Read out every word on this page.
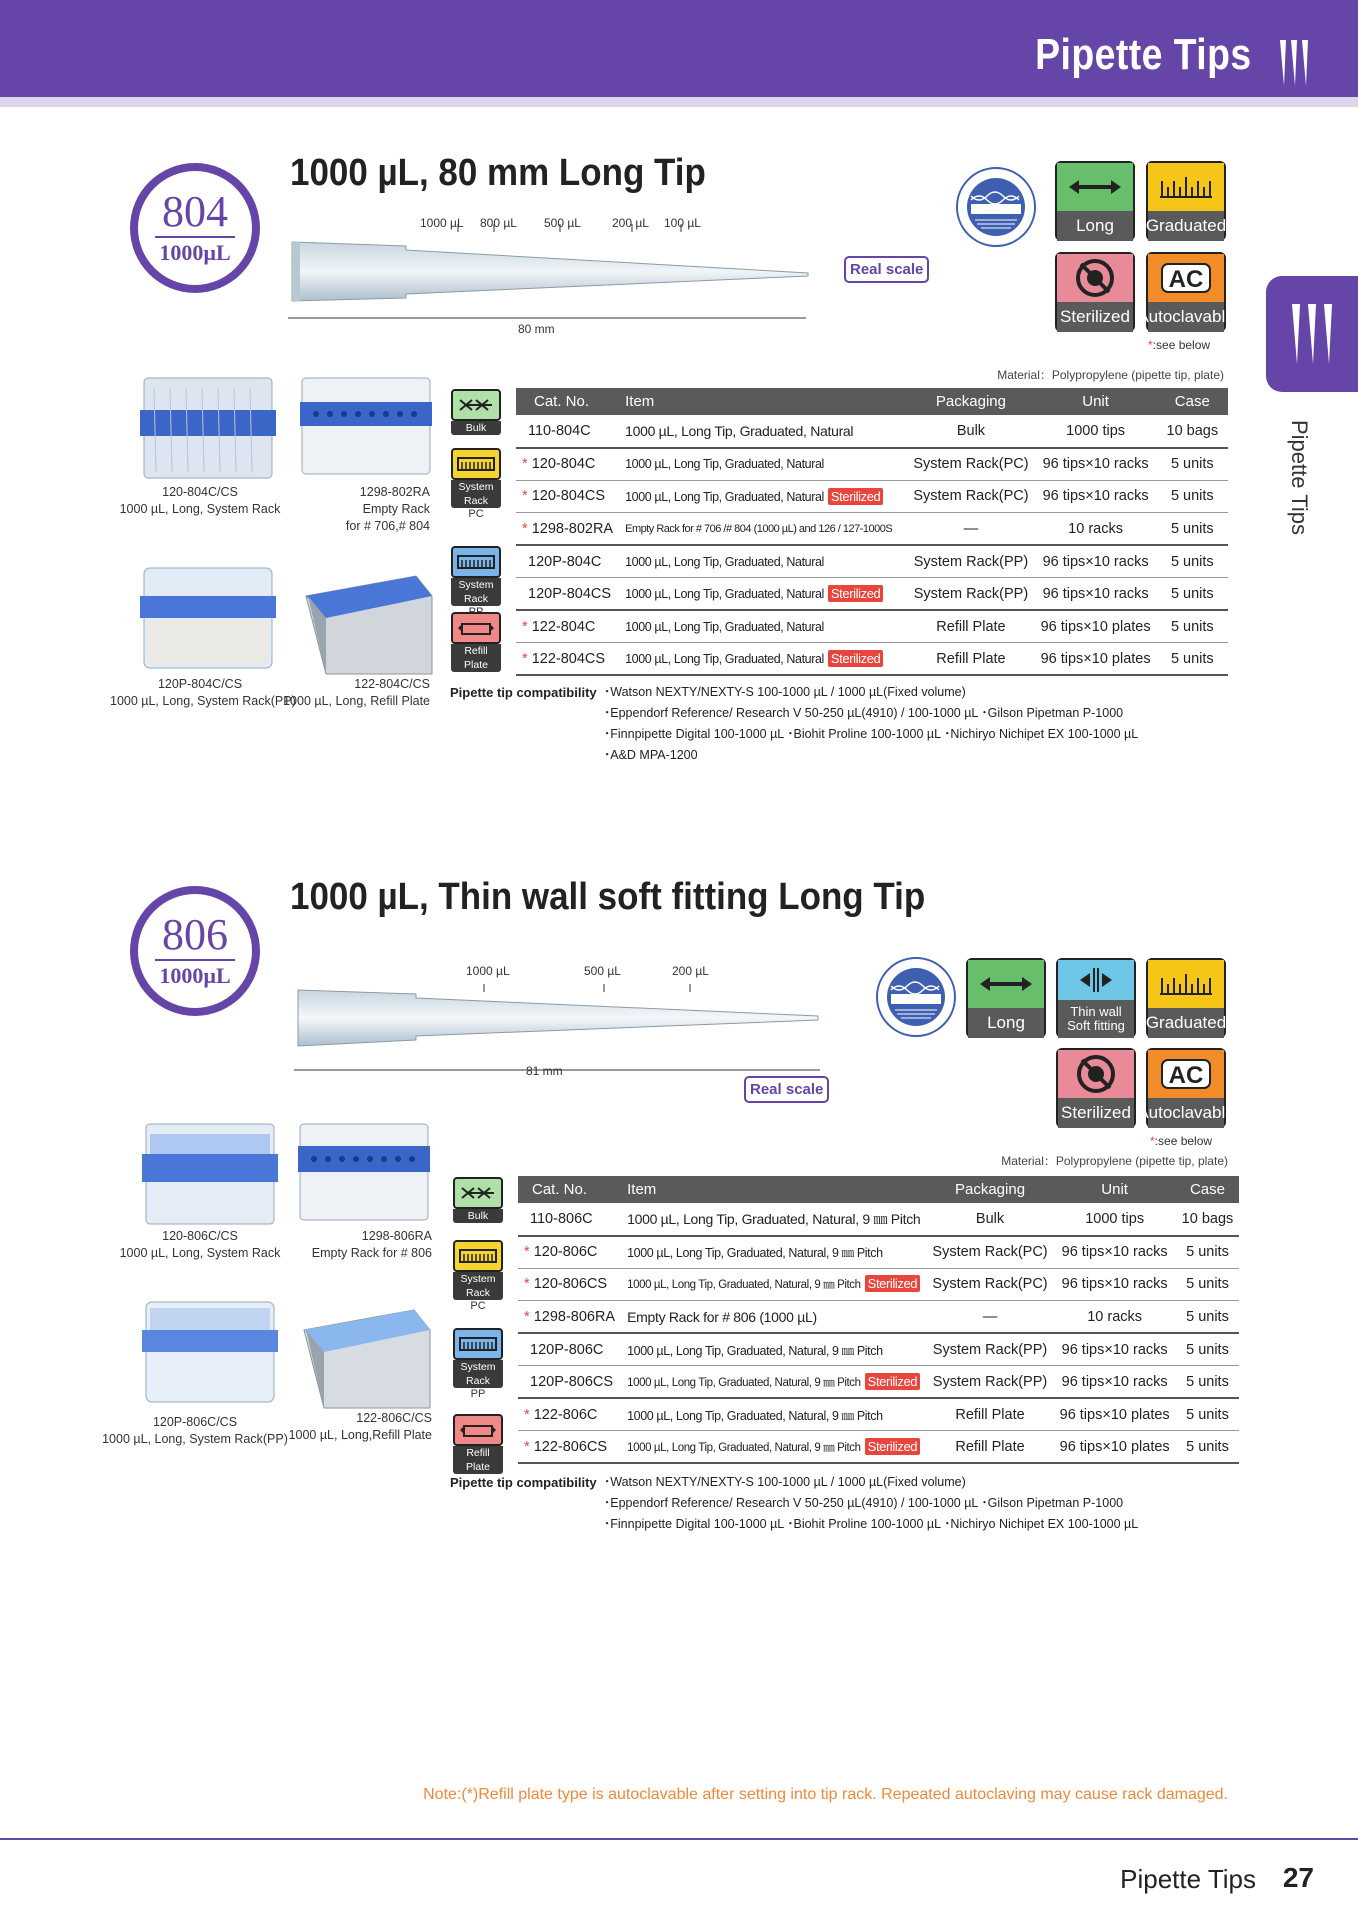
Pipette Tips
Pipette Tips
804
1000µL
1000 µL, 80 mm Long Tip
1000 µL 800 µL 500 µL	200 µL 100 µL
80 mm
Real scale
Long	Graduated
Sterilized
AC
Autoclavable
*:see below
Material：Polypropylene (pipette tip, plate)
120-804C/CS
1000 µL, Long, System Rack
1298-802RA
Empty Rack
for # 706,# 804
120P-804C/CS
1000 µL, Long, System Rack(PP)
122-804C/CS
1000 µL, Long, Refill Plate
Bulk
System Rack
PC
System Rack
Refill Plate
Cat. No.	Item	Packaging	Unit	Case
110-804C	1000 µL, Long Tip, Graduated, Natural	Bulk	1000 tips	10 bags
* 120-804C	1000 µL, Long Tip, Graduated, Natural	System Rack(PC)	96 tips×10 racks	5 units
* 120-804CS	1000 µL, Long Tip, Graduated, Natural Sterilized	System Rack(PC)	96 tips×10 racks	5 units
* 1298-802RA	Empty Rack for # 706 /# 804 (1000 µL) and 126 / 127-1000S	—	10 racks	5 units
120P-804C	1000 µL, Long Tip, Graduated, Natural	System Rack(PP)	96 tips×10 racks	5 units
120P-804CS	1000 µL, Long Tip, Graduated, Natural Sterilized	System Rack(PP)	96 tips×10 racks	5 units
* 122-804C	1000 µL, Long Tip, Graduated, Natural	Refill Plate	96 tips×10 plates	5 units
* 122-804CS	1000 µL, Long Tip, Graduated, Natural Sterilized	Refill Plate	96 tips×10 plates	5 units
Pipette tip compatibility ･Watson NEXTY/NEXTY-S 100-1000 µL / 1000 µL(Fixed volume)
･Eppendorf Reference/ Research V 50-250 µL(4910) / 100-1000 µL ･Gilson Pipetman P-1000
･Finnpipette Digital 100-1000 µL ･Biohit Proline 100-1000 µL ･Nichiryo Nichipet EX 100-1000 µL
･A&D MPA-1200
806
1000µL
1000 µL, Thin wall soft fitting Long Tip
1000 µL	500 µL	200 µL
81 mm
Real scale
Long
Thin wall Soft fitting	Graduated
Sterilized
AC
Autoclavable
*:see below
Material：Polypropylene (pipette tip, plate)
120-806C/CS
1000 µL, Long, System Rack
1298-806RA
Empty Rack for # 806
120P-806C/CS
1000 µL, Long, System Rack(PP)
122-806C/CS
1000 µL, Long,Refill Plate
Bulk
System Rack
PC
System Rack
PP
Refill Plate
Cat. No.	Item	Packaging	Unit	Case
110-806C	1000 µL, Long Tip, Graduated, Natural, 9 ㎜ Pitch	Bulk	1000 tips	10 bags
* 120-806C	1000 µL, Long Tip, Graduated, Natural, 9 ㎜ Pitch	System Rack(PC)	96 tips×10 racks	5 units
* 120-806CS	1000 µL, Long Tip, Graduated, Natural, 9 ㎜ Pitch Sterilized	System Rack(PC)	96 tips×10 racks	5 units
* 1298-806RA	Empty Rack for # 806 (1000 µL)	—	10 racks	5 units
120P-806C	1000 µL, Long Tip, Graduated, Natural, 9 ㎜ Pitch	System Rack(PP)	96 tips×10 racks	5 units
120P-806CS	1000 µL, Long Tip, Graduated, Natural, 9 ㎜ Pitch Sterilized	System Rack(PP)	96 tips×10 racks	5 units
* 122-806C	1000 µL, Long Tip, Graduated, Natural, 9 ㎜ Pitch	Refill Plate	96 tips×10 plates	5 units
* 122-806CS	1000 µL, Long Tip, Graduated, Natural, 9 ㎜ Pitch Sterilized	Refill Plate	96 tips×10 plates	5 units
Pipette tip compatibility ･Watson NEXTY/NEXTY-S 100-1000 µL / 1000 µL(Fixed volume)
･Eppendorf Reference/ Research V 50-250 µL(4910) / 100-1000 µL ･Gilson Pipetman P-1000
･Finnpipette Digital 100-1000 µL ･Biohit Proline 100-1000 µL ･Nichiryo Nichipet EX 100-1000 µL
Note:(*)Refill plate type is autoclavable after setting into tip rack. Repeated autoclaving may cause rack damaged.
Pipette Tips 27
